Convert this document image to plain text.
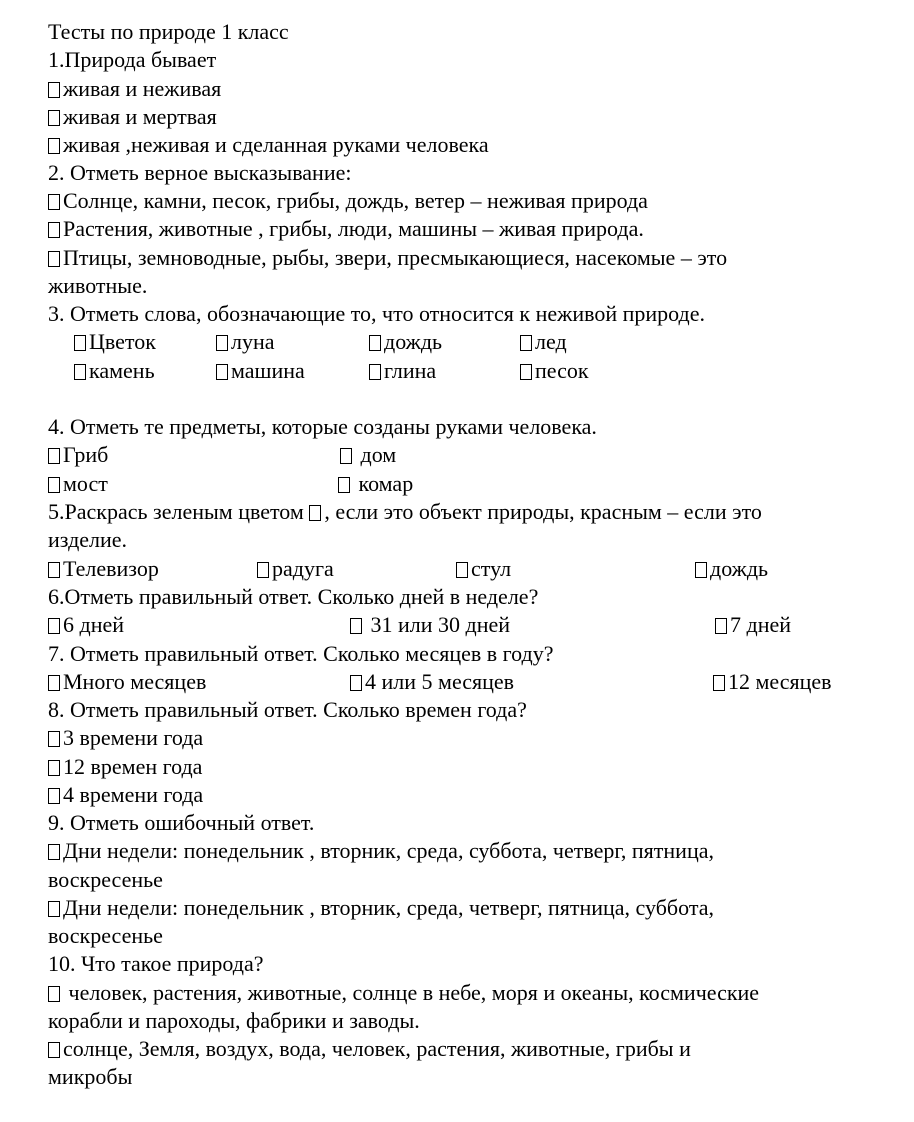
Тесты по природе 1 класс
1.Природа бывает
живая и неживая
живая и мертвая
живая ,неживая и сделанная руками человека
2. Отметь верное высказывание:
Солнце, камни, песок, грибы, дождь, ветер – неживая природа
Растения, животные , грибы, люди, машины – живая природа.
Птицы, земноводные, рыбы, звери, пресмыкающиеся, насекомые – это
животные.
3. Отметь слова, обозначающие то, что относится к неживой природе.
Цветок	луна	дождь	лед
камень	машина	глина	песок
4. Отметь те предметы, которые созданы руками человека.
Гриб	дом
мост	комар
5.Раскрась зеленым цветом , если это объект природы, красным – если это
изделие.
Телевизор	радуга	стул	дождь
6.Отметь правильный ответ. Сколько дней в неделе?
6 дней	31 или 30 дней	7 дней
7. Отметь правильный ответ. Сколько месяцев в году?
Много месяцев	4 или 5 месяцев	12 месяцев
8. Отметь правильный ответ. Сколько времен года?
3 времени года
12 времен года
4 времени года
9. Отметь ошибочный ответ.
Дни недели: понедельник , вторник, среда, суббота, четверг, пятница,
воскресенье
Дни недели: понедельник , вторник, среда, четверг, пятница, суббота,
воскресенье
10. Что такое природа?
человек, растения, животные, солнце в небе, моря и океаны, космические
корабли и пароходы, фабрики и заводы.
солнце, Земля, воздух, вода, человек, растения, животные, грибы и
микробы
